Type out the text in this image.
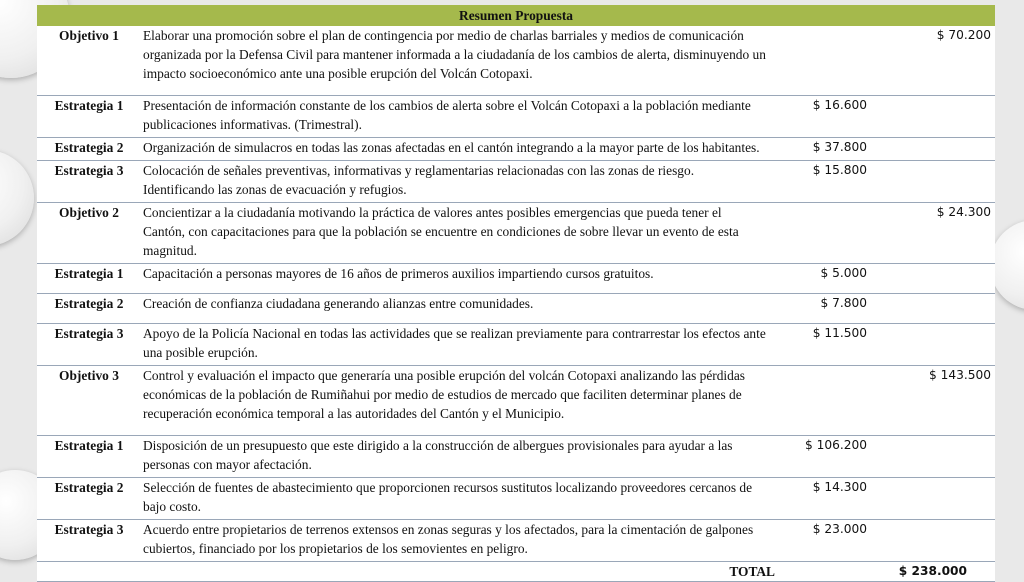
Resumen Propuesta			
Objetivo 1	Elaborar una promoción sobre el plan de contingencia por medio de charlas barriales y medios de comunicación organizada por la Defensa Civil para mantener informada a la ciudadanía de los cambios de alerta, disminuyendo un impacto socioeconómico ante una posible erupción del Volcán Cotopaxi.		$ 70.200
Estrategia 1	Presentación de información constante de los cambios de alerta sobre el Volcán Cotopaxi a la población mediante publicaciones informativas. (Trimestral).	$ 16.600	
Estrategia 2	Organización de simulacros en todas las zonas afectadas en el cantón integrando a la mayor parte de los habitantes.	$ 37.800	
Estrategia 3	Colocación de señales preventivas, informativas y reglamentarias relacionadas con las zonas de riesgo. Identificando las zonas de evacuación y refugios.	$ 15.800	
Objetivo 2	Concientizar a la ciudadanía motivando la práctica de valores antes posibles emergencias que pueda tener el Cantón, con capacitaciones para que la población se encuentre en condiciones de sobre llevar un evento de esta magnitud.		$ 24.300
Estrategia 1	Capacitación a personas mayores de 16 años de primeros auxilios impartiendo cursos gratuitos.	$ 5.000	
Estrategia 2	Creación de confianza ciudadana generando alianzas entre comunidades.	$ 7.800	
Estrategia 3	Apoyo de la Policía Nacional en todas las actividades que se realizan previamente para contrarrestar los efectos ante una posible erupción.	$ 11.500	
Objetivo 3	Control y evaluación el impacto que generaría una posible erupción del volcán Cotopaxi analizando las pérdidas económicas de la población de Rumiñahui por medio de estudios de mercado que faciliten determinar planes de recuperación económica temporal a las autoridades del Cantón y el Municipio.		$ 143.500
Estrategia 1	Disposición de un presupuesto que este dirigido a la construcción de albergues provisionales para ayudar a las personas con mayor afectación.	$ 106.200	
Estrategia 2	Selección de fuentes de abastecimiento que proporcionen recursos sustitutos localizando proveedores cercanos de bajo costo.	$ 14.300	
Estrategia 3	Acuerdo entre propietarios de terrenos extensos en zonas seguras y los afectados, para la cimentación de galpones cubiertos, financiado por los propietarios de los semovientes en peligro.	$ 23.000	
TOTAL			$ 238.000
